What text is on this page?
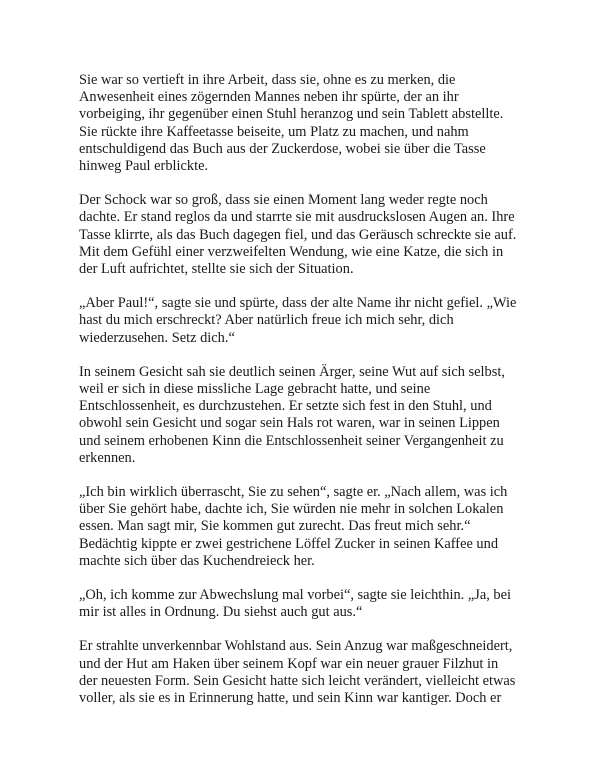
Sie war so vertieft in ihre Arbeit, dass sie, ohne es zu merken, die
Anwesenheit eines zögernden Mannes neben ihr spürte, der an ihr
vorbeiging, ihr gegenüber einen Stuhl heranzog und sein Tablett abstellte.
Sie rückte ihre Kaffeetasse beiseite, um Platz zu machen, und nahm
entschuldigend das Buch aus der Zuckerdose, wobei sie über die Tasse
hinweg Paul erblickte.

Der Schock war so groß, dass sie einen Moment lang weder regte noch
dachte. Er stand reglos da und starrte sie mit ausdruckslosen Augen an. Ihre
Tasse klirrte, als das Buch dagegen fiel, und das Geräusch schreckte sie auf.
Mit dem Gefühl einer verzweifelten Wendung, wie eine Katze, die sich in
der Luft aufrichtet, stellte sie sich der Situation.

„Aber Paul!“, sagte sie und spürte, dass der alte Name ihr nicht gefiel. „Wie
hast du mich erschreckt? Aber natürlich freue ich mich sehr, dich
wiederzusehen. Setz dich.“

In seinem Gesicht sah sie deutlich seinen Ärger, seine Wut auf sich selbst,
weil er sich in diese missliche Lage gebracht hatte, und seine
Entschlossenheit, es durchzustehen. Er setzte sich fest in den Stuhl, und
obwohl sein Gesicht und sogar sein Hals rot waren, war in seinen Lippen
und seinem erhobenen Kinn die Entschlossenheit seiner Vergangenheit zu
erkennen.

„Ich bin wirklich überrascht, Sie zu sehen“, sagte er. „Nach allem, was ich
über Sie gehört habe, dachte ich, Sie würden nie mehr in solchen Lokalen
essen. Man sagt mir, Sie kommen gut zurecht. Das freut mich sehr.“
Bedächtig kippte er zwei gestrichene Löffel Zucker in seinen Kaffee und
machte sich über das Kuchendreieck her.

„Oh, ich komme zur Abwechslung mal vorbei“, sagte sie leichthin. „Ja, bei
mir ist alles in Ordnung. Du siehst auch gut aus.“

Er strahlte unverkennbar Wohlstand aus. Sein Anzug war maßgeschneidert,
und der Hut am Haken über seinem Kopf war ein neuer grauer Filzhut in
der neuesten Form. Sein Gesicht hatte sich leicht verändert, vielleicht etwas
voller, als sie es in Erinnerung hatte, und sein Kinn war kantiger. Doch er
